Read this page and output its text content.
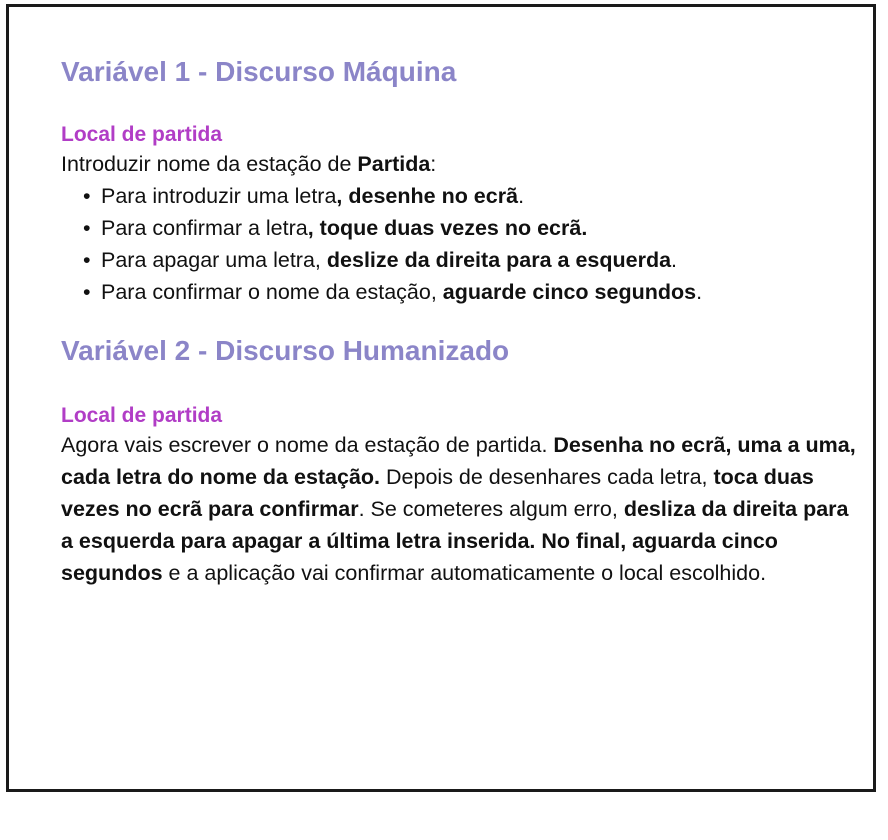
Variável 1 - Discurso Máquina
Local de partida

Introduzir nome da estação de Partida:

• Para introduzir uma letra, desenhe no ecrã.
• Para confirmar a letra, toque duas vezes no ecrã.
• Para apagar uma letra, deslize da direita para a esquerda.
• Para confirmar o nome da estação, aguarde cinco segundos.
Variável 2 - Discurso Humanizado
Local de partida

Agora vais escrever o nome da estação de partida. Desenha no ecrã, uma a uma, cada letra do nome da estação. Depois de desenhares cada letra, toca duas vezes no ecrã para confirmar. Se cometeres algum erro, desliza da direita para a esquerda para apagar a última letra inserida. No final, aguarda cinco segundos e a aplicação vai confirmar automaticamente o local escolhido.
